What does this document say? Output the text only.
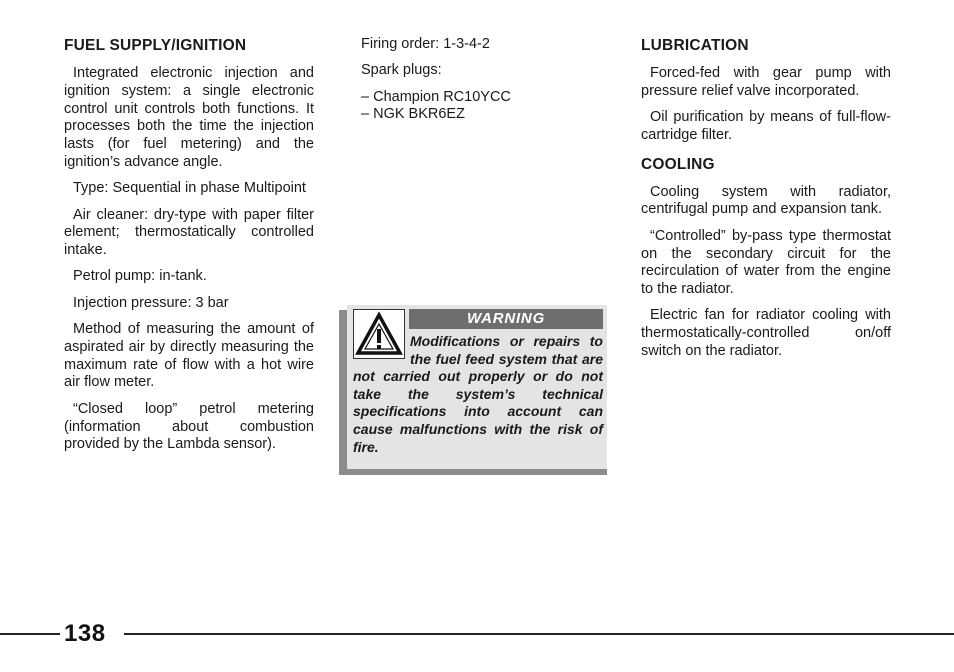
FUEL SUPPLY/IGNITION

Integrated electronic injection and ignition system: a single electronic control unit controls both functions. It processes both the time the injection lasts (for fuel metering) and the ignition’s advance angle.

Type: Sequential in phase Multipoint

Air cleaner: dry-type with paper filter element; thermostatically controlled intake.

Petrol pump: in-tank.

Injection pressure: 3 bar

Method of measuring the amount of aspirated air by directly measuring the maximum rate of flow with a hot wire air flow meter.

“Closed loop” petrol metering (information about combustion provided by the Lambda sensor).

Firing order: 1-3-4-2

Spark plugs:

– Champion RC10YCC
– NGK BKR6EZ
WARNING
Modifications or repairs to the fuel feed system that are not carried out properly or do not take the system’s technical specifications into account can cause malfunctions with the risk of fire.
LUBRICATION

Forced-fed with gear pump with pressure relief valve incorporated.

Oil purification by means of full-flow-cartridge filter.

COOLING

Cooling system with radiator, centrifugal pump and expansion tank.

“Controlled” by-pass type thermostat on the secondary circuit for the recirculation of water from the engine to the radiator.

Electric fan for radiator cooling with thermostatically-controlled on/off switch on the radiator.

138
